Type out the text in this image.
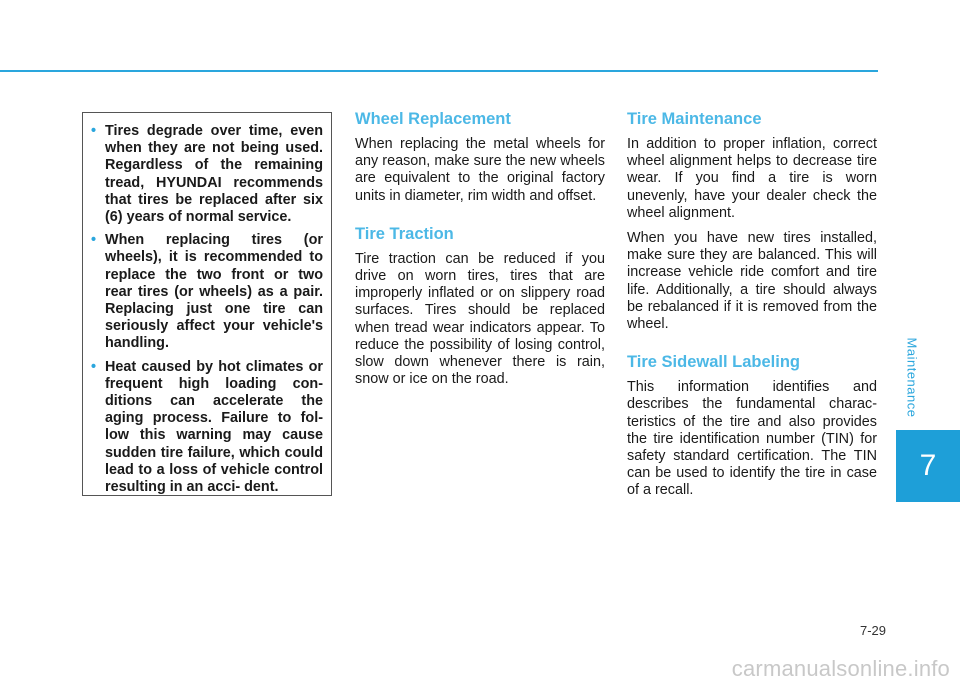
Maintenance
7
• Tires degrade over time, even when they are not being used. Regardless of the remaining tread, HYUNDAI recommends that tires be replaced after six (6) years of normal service.
• When replacing tires (or wheels), it is recommended to replace the two front or two rear tires (or wheels) as a pair. Replacing just one tire can seriously affect your vehicle's handling.
• Heat caused by hot climates or frequent high loading con- ditions can accelerate the aging process. Failure to fol- low this warning may cause sudden tire failure, which could lead to a loss of vehicle control resulting in an acci- dent.
Wheel Replacement

When replacing the metal wheels for any reason, make sure the new wheels are equivalent to the original factory units in diameter, rim width and offset.

Tire Traction

Tire traction can be reduced if you drive on worn tires, tires that are improperly inflated or on slippery road surfaces. Tires should be replaced when tread wear indicators appear. To reduce the possibility of losing control, slow down whenever there is rain, snow or ice on the road.

Tire Maintenance

In addition to proper inflation, correct wheel alignment helps to decrease tire wear. If you find a tire is worn unevenly, have your dealer check the wheel alignment.

When you have new tires installed, make sure they are balanced. This will increase vehicle ride comfort and tire life. Additionally, a tire should always be rebalanced if it is removed from the wheel.

Tire Sidewall Labeling

This information identifies and describes the fundamental charac- teristics of the tire and also provides the tire identification number (TIN) for safety standard certification. The TIN can be used to identify the tire in case of a recall.

7-29
carmanualsonline.info
